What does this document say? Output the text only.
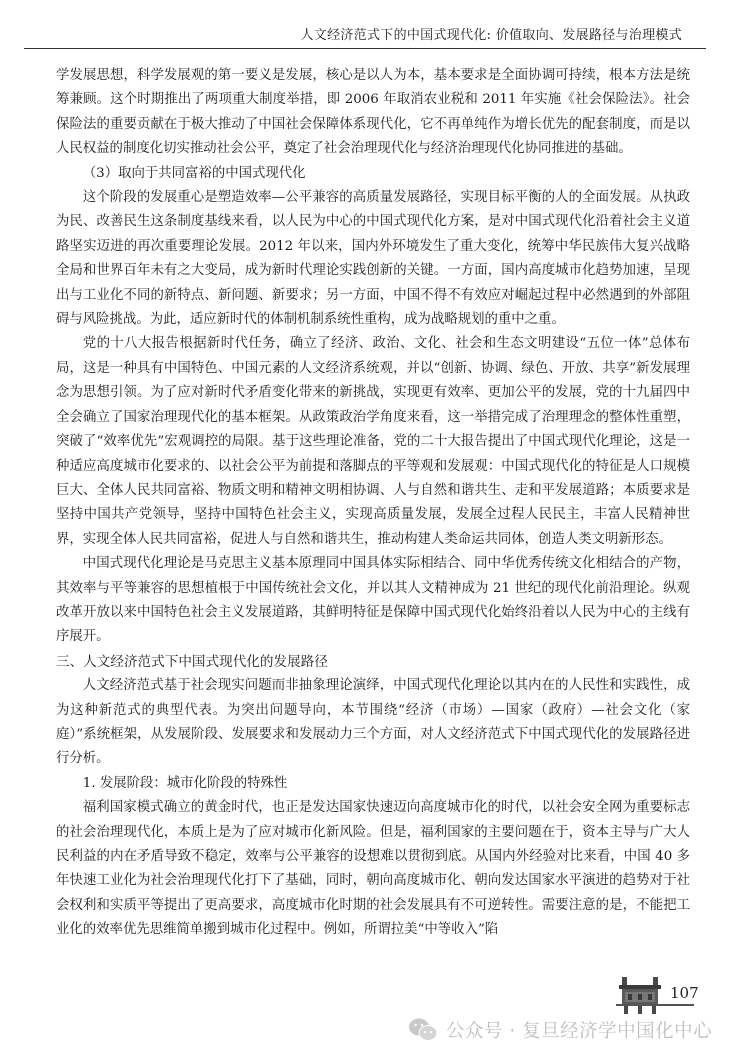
人文经济范式下的中国式现代化: 价值取向、发展路径与治理模式

学发展思想，科学发展观的第一要义是发展，核心是以人为本，基本要求是全面协调可持续，根本方法是统筹兼顾。这个时期推出了两项重大制度举措，即 2006 年取消农业税和 2011 年实施《社会保险法》。社会保险法的重要贡献在于极大推动了中国社会保障体系现代化，它不再单纯作为增长优先的配套制度，而是以人民权益的制度化切实推动社会公平，奠定了社会治理现代化与经济治理现代化协同推进的基础。

（3）取向于共同富裕的中国式现代化

这个阶段的发展重心是塑造效率—公平兼容的高质量发展路径，实现目标平衡的人的全面发展。从执政为民、改善民生这条制度基线来看，以人民为中心的中国式现代化方案，是对中国式现代化沿着社会主义道路坚实迈进的再次重要理论发展。2012 年以来，国内外环境发生了重大变化，统筹中华民族伟大复兴战略全局和世界百年未有之大变局，成为新时代理论实践创新的关键。一方面，国内高度城市化趋势加速，呈现出与工业化不同的新特点、新问题、新要求；另一方面，中国不得不有效应对崛起过程中必然遇到的外部阻碍与风险挑战。为此，适应新时代的体制机制系统性重构，成为战略规划的重中之重。

党的十八大报告根据新时代任务，确立了经济、政治、文化、社会和生态文明建设“五位一体”总体布局，这是一种具有中国特色、中国元素的人文经济系统观，并以“创新、协调、绿色、开放、共享”新发展理念为思想引领。为了应对新时代矛盾变化带来的新挑战，实现更有效率、更加公平的发展，党的十九届四中全会确立了国家治理现代化的基本框架。从政策政治学角度来看，这一举措完成了治理理念的整体性重塑，突破了“效率优先”宏观调控的局限。基于这些理论准备，党的二十大报告提出了中国式现代化理论，这是一种适应高度城市化要求的、以社会公平为前提和落脚点的平等观和发展观：中国式现代化的特征是人口规模巨大、全体人民共同富裕、物质文明和精神文明相协调、人与自然和谐共生、走和平发展道路；本质要求是坚持中国共产党领导，坚持中国特色社会主义，实现高质量发展，发展全过程人民民主，丰富人民精神世界，实现全体人民共同富裕，促进人与自然和谐共生，推动构建人类命运共同体，创造人类文明新形态。

中国式现代化理论是马克思主义基本原理同中国具体实际相结合、同中华优秀传统文化相结合的产物，其效率与平等兼容的思想植根于中国传统社会文化，并以其人文精神成为 21 世纪的现代化前沿理论。纵观改革开放以来中国特色社会主义发展道路，其鲜明特征是保障中国式现代化始终沿着以人民为中心的主线有序展开。

三、人文经济范式下中国式现代化的发展路径

人文经济范式基于社会现实问题而非抽象理论演绎，中国式现代化理论以其内在的人民性和实践性，成为这种新范式的典型代表。为突出问题导向，本节围绕“经济（市场）—国家（政府）—社会文化（家庭）”系统框架，从发展阶段、发展要求和发展动力三个方面，对人文经济范式下中国式现代化的发展路径进行分析。

1. 发展阶段：城市化阶段的特殊性

福利国家模式确立的黄金时代，也正是发达国家快速迈向高度城市化的时代，以社会安全网为重要标志的社会治理现代化，本质上是为了应对城市化新风险。但是，福利国家的主要问题在于，资本主导与广大人民利益的内在矛盾导致不稳定，效率与公平兼容的设想难以贯彻到底。从国内外经验对比来看，中国 40 多年快速工业化为社会治理现代化打下了基础，同时，朝向高度城市化、朝向发达国家水平演进的趋势对于社会权利和实质平等提出了更高要求，高度城市化时期的社会发展具有不可逆转性。需要注意的是，不能把工业化的效率优先思维简单搬到城市化过程中。例如，所谓拉美“中等收入”陷

107
公众号 · 复旦经济学中国化中心
